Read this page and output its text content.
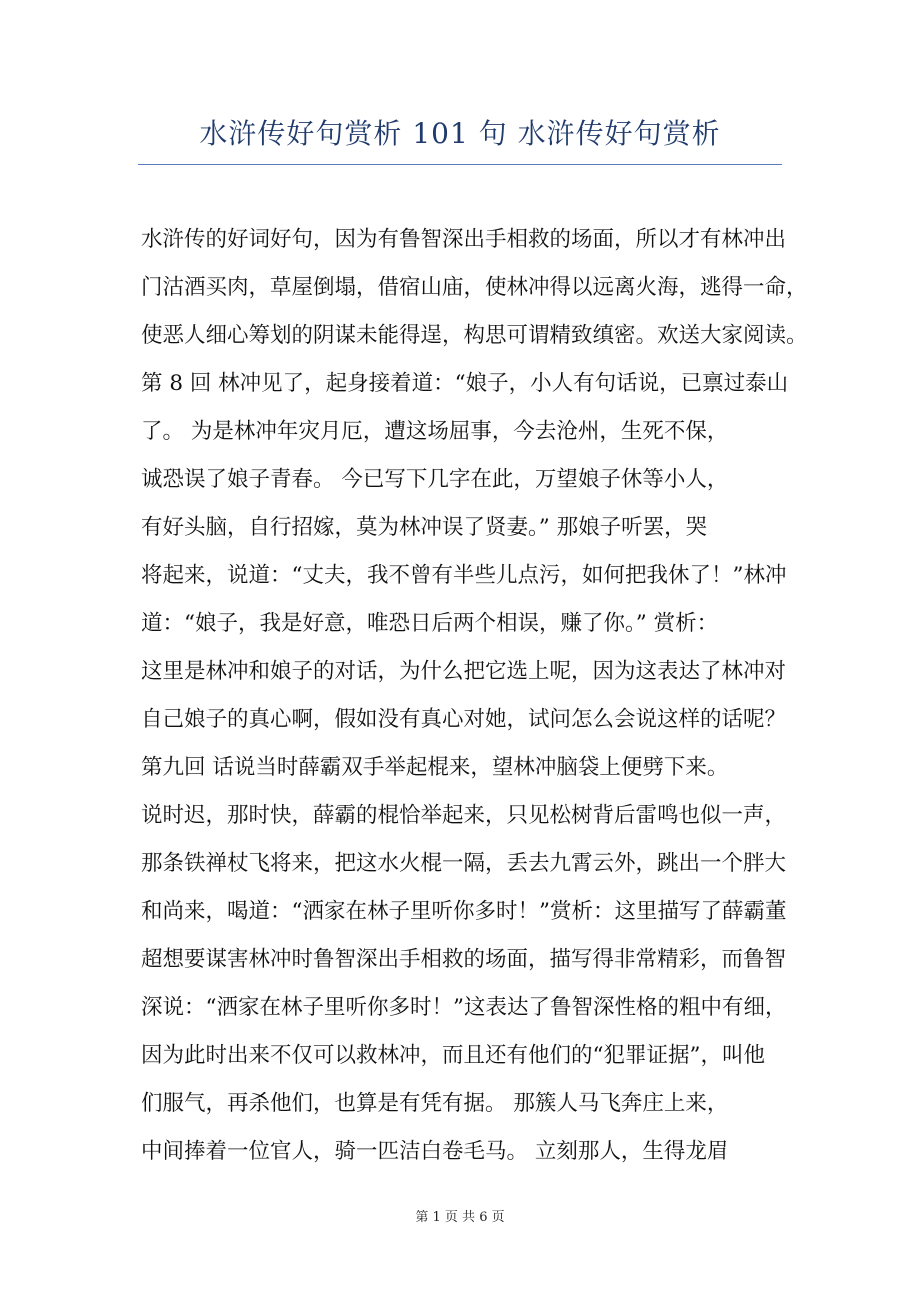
水浒传好句赏析 101 句 水浒传好句赏析
水浒传的好词好句，因为有鲁智深出手相救的场面，所以才有林冲出
门沽酒买肉，草屋倒塌，借宿山庙，使林冲得以远离火海，逃得一命，
使恶人细心筹划的阴谋未能得逞，构思可谓精致缜密。欢送大家阅读。
第 8 回 林冲见了，起身接着道：“娘子，小人有句话说，已禀过泰山
了。 为是林冲年灾月厄，遭这场屈事，今去沧州，生死不保，
诚恐误了娘子青春。 今已写下几字在此，万望娘子休等小人，
有好头脑，自行招嫁，莫为林冲误了贤妻。” 那娘子听罢，哭
将起来，说道：“丈夫，我不曾有半些儿点污，如何把我休了！”林冲
道：“娘子，我是好意，唯恐日后两个相误，赚了你。” 赏析：
这里是林冲和娘子的对话，为什么把它选上呢，因为这表达了林冲对
自己娘子的真心啊，假如没有真心对她，试问怎么会说这样的话呢？
第九回 话说当时薛霸双手举起棍来，望林冲脑袋上便劈下来。
说时迟，那时快，薛霸的棍恰举起来，只见松树背后雷鸣也似一声，
那条铁禅杖飞将来，把这水火棍一隔，丢去九霄云外，跳出一个胖大
和尚来，喝道：“洒家在林子里听你多时！”赏析：这里描写了薛霸董
超想要谋害林冲时鲁智深出手相救的场面，描写得非常精彩，而鲁智
深说：“洒家在林子里听你多时！”这表达了鲁智深性格的粗中有细，
因为此时出来不仅可以救林冲，而且还有他们的“犯罪证据”，叫他
们服气，再杀他们，也算是有凭有据。 那簇人马飞奔庄上来，
中间捧着一位官人，骑一匹洁白卷毛马。 立刻那人，生得龙眉
第 1 页 共 6 页
